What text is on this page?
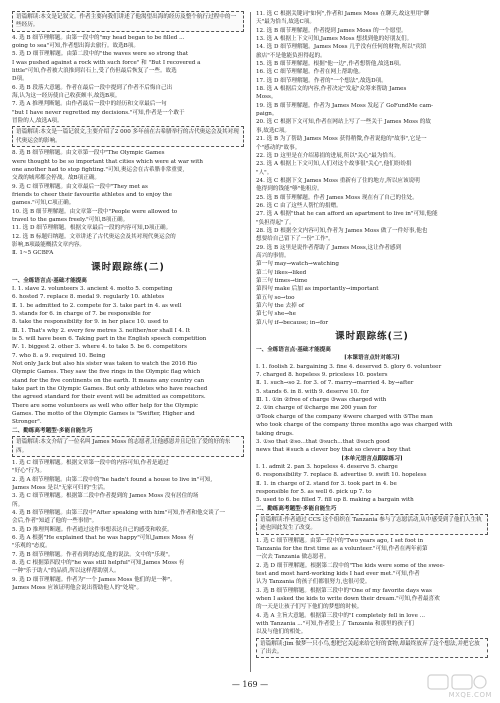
语篇解读:本文是记叙文。作者主要向我们讲述了他渴望出海的经历及整个航行过程中的一些经历。
4. 选 B 细节理解题。由第一段中的"my head began to be filled ...
going to sea"可知,作者想出海去旅行。故选B项。
5. 选 D 细节理解题。由第二段中的"the waves were so strong that
I was pushed against a rock with such force" 和 "But I recovered a
little"可知,作者被大浪推到岩石上,受了伤但最后恢复了一些。故选
D项。
6. 选 B 段落大意题。作者在最后一段中提到了作者不后悔自己出
海,认为这一经历使自己收获颇丰,故选B项。
7. 选 A 推理判断题。由作者最后一段中的经历和文章最后一句
"but I have never regretted my decisions."可知,作者是一个敢于
冒险的人,故选A项。
语篇解读:本文是一篇记叙文,主要介绍了2 000 多年前在古希腊举行的古代奥运会及其对现代奥运会的影响。
8. 选 B 细节理解题。由文章第一段中"The Olympic Games
were thought to be so important that cities which were at war with
one another had to stop fighting."可知,奥运会在古希腊非常重要,
交战的城邦都会停战。故B项正确。
9. 选 C 细节理解题。由文章最后一段中"They met as
friends to cheer their favourite athletes and to enjoy the
games."可知,C项正确。
10. 选 B 细节理解题。由文章第一段中"People were allowed to
travel to the games freely."可知,B项正确。
11. 选 D 细节理解题。根据文章最后一段的内容可知,D项正确。
12. 选 B 标题归纳题。文章讲述了古代奥运会及其对现代奥运会的
影响,B项最能概括文章内容。
Ⅱ. 1~5 GCBFA
课时跟踪练(二)
一、全练语言点·基础才能提高
Ⅰ. 1. slave 2. volunteers 3. ancient 4. motto 5. competing
6. hosted 7. replace 8. medal 9. regularly 10. athletes
Ⅱ. 1. be admitted to 2. compete for 3. take part in 4. as well
5. stands for 6. in charge of 7. be responsible for
8. take the responsibility for 9. in her place 10. used to
Ⅲ. 1. That's why 2. every few metres 3. neither/nor shall I 4. It
is 5. will have been 6. Taking part in the English speech competition
Ⅳ. 1. biggest 2. other 3. where 4. to take 5. be 6. competitors
7. who 8. a 9. required 10. Being
Not only Jack but also his sister was taken to watch the 2016 Rio
Olympic Games. They saw the five rings in the Olympic flag which
stand for the five continents on the earth. It means any country can
take part in the Olympic Games. But only athletes who have reached
the agreed standard for their event will be admitted as competitors.
There are some volunteers as well who offer help for the Olympic
Games. The motto of the Olympic Games is "Swifter, Higher and
Stronger".
二、勤练高考题型·多能自能生巧
语篇解读:本文介绍了一位名叫 James Moss 的志愿者,让他感恩并且记住了爱的好的东西。
1. 选 C 细节理解题。根据文章第一段中的内容可知,作者是通过
"好心"行为。
2. 选 A 细节理解题。由第二段中的"he hadn't found a house to live in"可知,
James Moss 是以"无家可归的"生活。
3. 选 C 细节理解题。根据第二段中作者提到的 James Moss 没有居住的场
所。
4. 选 B 细节理解题。由第三段中"After speaking with him"可知,作者和他交谈了一
会后,作者"知道了他的一些事情"。
5. 选 D 推理判断题。作者通过这件事想表达自己的感受和收获。
6. 选 A 根据"He explained that he was happy"可知,James Moss 有
"乐观的"态度。
7. 选 B 细节理解题。作者看到的态度,他的说法。文中的"乐观"。
8. 选 C 根据第四段中的"he was still helpful"可知,James Moss 有
一种"乐于助人"的品质,所以这样帮助别人。
9. 选 D 细节理解题。作者为"一个 James Moss 他们的是一种"。
James Moss 应该证明他会说出帮助他人的"处境"。
11. 选 C 根据关键词"如何",作者和 James Moss 在聊天,故这里用"聊
天"最为恰当,故选C项。
12. 选 B 细节理解题。作者提到 James Moss 的一个愿望。
13. 选 A 根据上下文可知,James Moss 想找到他的好朋友们。
14. 选 D 细节理解题。James Moss 几乎没有任何的财物,所以"宾馆
旅店"不是他能负担得起的。
15. 选 B 细节理解题。根据"他一边",作者想帮他,故选B项。
16. 选 C 细节理解题。作者在网上帮助他。
17. 选 D 细节理解题。作者的"一个想法",故选D项。
18. 选 A 根据后文的内容,作者决定"发起"众筹来帮助 James
Moss。
19. 选 B 细节理解题。作者为 James Moss 发起了 GoFundMe cam-
paign。
20. 选 C 根据下文可知,作者在网站上写了一些关于 James Moss 的故
事,故选C项。
21. 选 B 为了帮助 James Moss 获得稍微,作者说他的"故事",它是一
个"感动的"故事。
22. 选 D 这里是在介绍募捐的进展,所以"关心"最为恰当。
23. 选 A 根据上下文可知,人们对这个故事很"关心",他们纷纷捐
"人"。
24. 选 C 根据下文 James Moss 重新有了住的地方,所以应该说明
他得到的钱能"够"他租房。
25. 选 B 细节理解题。作者 James Moss 现在有了自己的住处。
26. 选 C 由了这些人帮忙的捐赠。
27. 选 A 根据"that he can afford an apartment to live in"可知,他能
"负担得起"了。
28. 选 D 根据全文内容可知,作者为 James Moss 做了一件好事,他也
想要给自己留下了一份"工作"。
29. 选 B 这里是说作者帮助了 James Moss,这让作者感到
高兴的事情。
第一句 may→watch→watching
第二句 likes→liked
第三句 times→time
第四句 make 后加 as importantly→important
第五句 so→too
第六句 the 去掉 of
第七句 she→he
第八句 if→because; in→for
课时跟踪练(三)
一、全练语言点·基础才能提高
[本课语言点针对练习]
Ⅰ. 1. foolish 2. bargaining 3. fine 4. deserved 5. glory 6. volunteer
7. charged 8. hopeless 9. priceless 10. posters
Ⅱ. 1. such→so 2. for 3. of 7. marry→married 4. by→after
5. stands 6. in 8. with 9. deserve 10. for
Ⅲ. 1. ①in ②free of charge ③was charged with
2. ①in charge of ②charge me 200 yuan for
③Took charge of the company ④were charged with ⑤The man
who took charge of the company three months ago was charged with
taking drugs.
3. ①so that ②so...that ③such...that ③such good
news that ④such a clever boy that so clever a boy that
[本单元语言点跟踪练习]
Ⅰ. 1. admit 2. pan 3. hopeless 4. deserve 5. charge
6. responsibility 7. replace 8. advertise 9. swift 10. hopeless
Ⅱ. 1. in charge of 2. stand for 3. took part in 4. be
responsible for 5. as well 6. pick up 7. to
5. used to 6. be filled 7. fill up 8. making a bargain with
二、勤练高考题型·多能自能生巧
语篇解读:作者通过 CCS 这个组织在 Tanzania 参与了志愿活动,从中感受到了他们人生轨迹也因此发生了改变。
1. 选 C 细节理解题。由第一段中的"Two years ago, I set foot in
Tanzania for the first time as a volunteer."可知,作者在两年前第
一次去 Tanzania 做志愿者。
2. 选 D 细节理解题。根据第二段中的"The kids were some of the swee-
test and most hard-working kids I had ever met."可知,作者
认为 Tanzania 的孩子们都很努力,也很可爱。
3. 选 B 细节理解题。根据第三段中的"One of my favorite days was
when I asked the kids to write down their dream."可知,作者最喜欢
的一天是让孩子们写下他们的梦想的时候。
4. 选 A 主旨大意题。根据第三段中的"I completely fell in love ...
with Tanzania ..."可知,作者爱上了 Tanzania 和那里的孩子们
以及与他们的相处。
语篇解读:Jim 做梦一只小鸟,想把它关起来给它好的食物,却最终放弃了这个想法,并把它放了出去。
— 169 —
MXQE.COM
